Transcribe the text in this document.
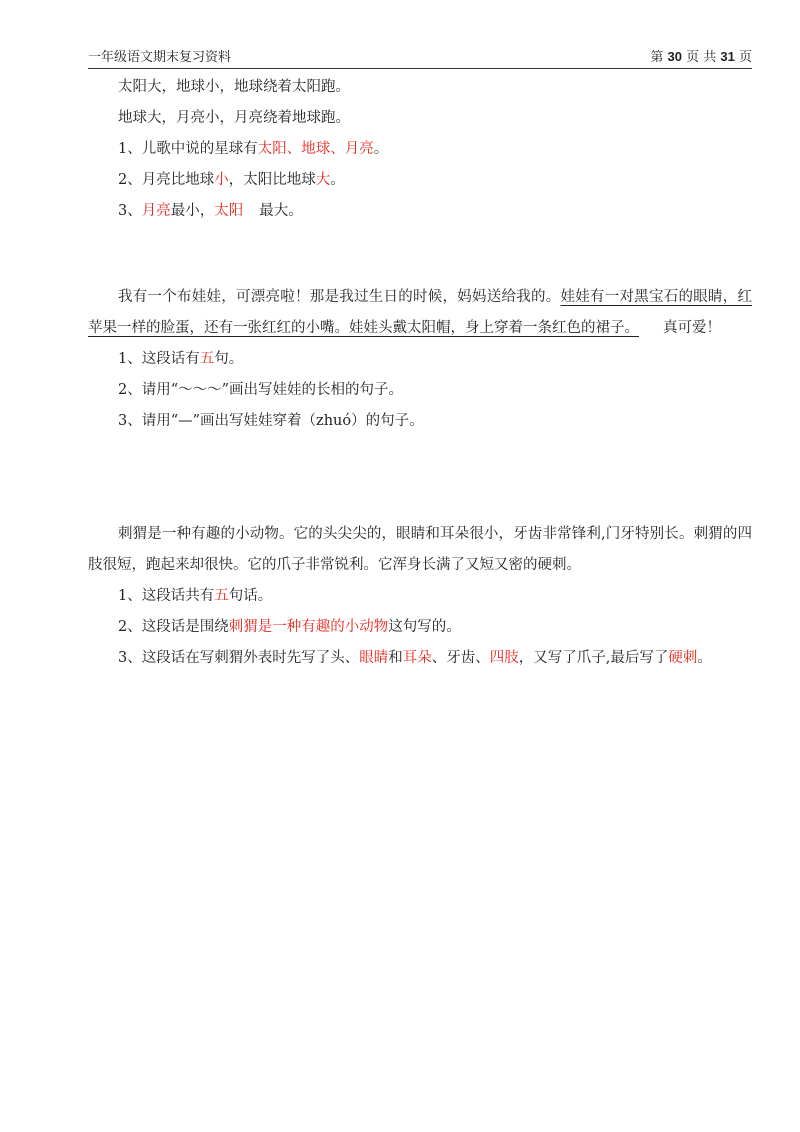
一年级语文期末复习资料	第 30 页 共 31 页
太阳大，地球小，地球绕着太阳跑。
地球大，月亮小，月亮绕着地球跑。
1、儿歌中说的星球有太阳、地球、月亮。
2、月亮比地球小，太阳比地球大。
3、月亮最小，太阳 最大。
我有一个布娃娃，可漂亮啦！那是我过生日的时候，妈妈送给我的。娃娃有一对黑宝石的眼睛，红苹果一样的脸蛋，还有一张红红的小嘴。娃娃头戴太阳帽，身上穿着一条红色的裙子。 真可爱！
1、这段话有五句。
2、请用“～～～”画出写娃娃的长相的句子。
3、请用“—”画出写娃娃穿着（zhuó）的句子。
刺猬是一种有趣的小动物。它的头尖尖的，眼睛和耳朵很小，牙齿非常锋利,门牙特别长。刺猬的四肢很短，跑起来却很快。它的爪子非常锐利。它浑身长满了又短又密的硬刺。
1、这段话共有五句话。
2、这段话是围绕刺猬是一种有趣的小动物这句写的。
3、这段话在写刺猬外表时先写了头、眼睛和耳朵、牙齿、四肢，又写了爪子,最后写了硬刺。
